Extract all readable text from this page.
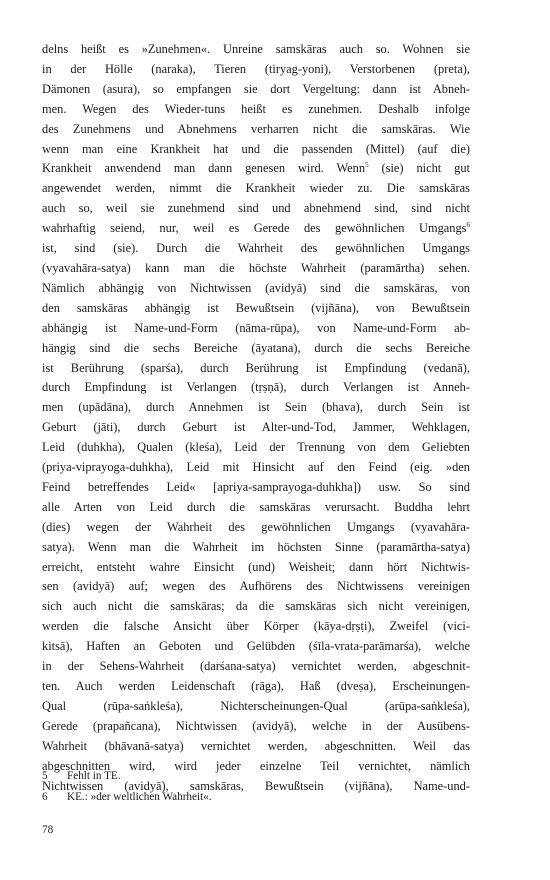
delns heißt es »Zunehmen«. Unreine samskāras auch so. Wohnen sie
in der Hölle (naraka), Tieren (tiryag-yoni), Verstorbenen (preta),
Dämonen (asura), so empfangen sie dort Vergeltung: dann ist Abneh-
men. Wegen des Wieder-tuns heißt es zunehmen. Deshalb infolge
des Zunehmens und Abnehmens verharren nicht die samskāras. Wie
wenn man eine Krankheit hat und die passenden (Mittel) (auf die)
Krankheit anwendend man dann genesen wird. Wenn$^5$ (sie) nicht gut
angewendet werden, nimmt die Krankheit wieder zu. Die samskāras
auch so, weil sie zunehmend sind und abnehmend sind, sind nicht
wahrhaftig seiend, nur, weil es Gerede des gewöhnlichen Umgangs$^6$
ist, sind (sie). Durch die Wahrheit des gewöhnlichen Umgangs
(vyavahāra-satya) kann man die höchste Wahrheit (paramārtha) sehen.
Nämlich abhängig von Nichtwissen (avidyā) sind die samskāras, von
den samskāras abhängig ist Bewußtsein (vijñāna), von Bewußtsein
abhängig ist Name-und-Form (nāma-rūpa), von Name-und-Form ab-
hängig sind die sechs Bereiche (āyatana), durch die sechs Bereiche
ist Berührung (sparśa), durch Berührung ist Empfindung (vedanā),
durch Empfindung ist Verlangen (tṛṣṇā), durch Verlangen ist Anneh-
men (upādāna), durch Annehmen ist Sein (bhava), durch Sein ist
Geburt (jāti), durch Geburt ist Alter-und-Tod, Jammer, Wehklagen,
Leid (duhkha), Qualen (kleśa), Leid der Trennung von dem Geliebten
(priya-viprayoga-duhkha), Leid mit Hinsicht auf den Feind (eig. »den
Feind betreffendes Leid« [apriya-samprayoga-duhkha]) usw. So sind
alle Arten von Leid durch die samskāras verursacht. Buddha lehrt
(dies) wegen der Wahrheit des gewöhnlichen Umgangs (vyavahāra-
satya). Wenn man die Wahrheit im höchsten Sinne (paramārtha-satya)
erreicht, entsteht wahre Einsicht (und) Weisheit; dann hört Nichtwis-
sen (avidyā) auf; wegen des Aufhörens des Nichtwissens vereinigen
sich auch nicht die samskāras; da die samskāras sich nicht vereinigen,
werden die falsche Ansicht über Körper (kāya-dṛṣṭi), Zweifel (vici-
kitsā), Haften an Geboten und Gelübden (śīla-vrata-parāmarśa), welche
in der Sehens-Wahrheit (darśana-satya) vernichtet werden, abgeschnit-
ten. Auch werden Leidenschaft (rāga), Haß (dveṣa), Erscheinungen-
Qual (rūpa-saṅkleśa), Nichterscheinungen-Qual (arūpa-saṅkleśa),
Gerede (prapañcana), Nichtwissen (avidyā), welche in der Ausübens-
Wahrheit (bhāvanā-satya) vernichtet werden, abgeschnitten. Weil das
abgeschnitten wird, wird jeder einzelne Teil vernichtet, nämlich
Nichtwissen (avidyā), samskāras, Bewußtsein (vijñāna), Name-und-
5 Fehlt in TE.
6 KE.: »der weltlichen Wahrheit«.
78
